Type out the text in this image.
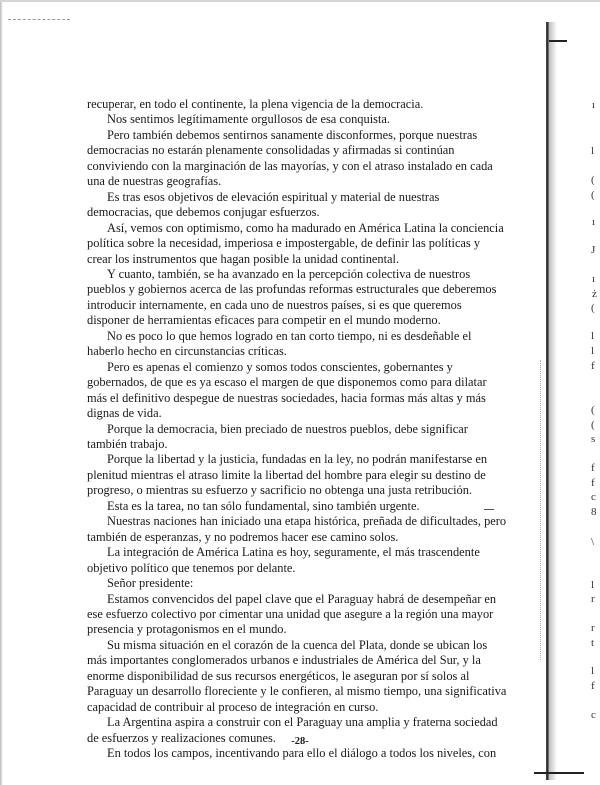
recuperar, en todo el continente, la plena vigencia de la democracia.

Nos sentimos legítimamente orgullosos de esa conquista.

Pero también debemos sentirnos sanamente disconformes, porque nuestras democracias no estarán plenamente consolidadas y afirmadas si continúan conviviendo con la marginación de las mayorías, y con el atraso instalado en cada una de nuestras geografías.

Es tras esos objetivos de elevación espiritual y material de nuestras democracias, que debemos conjugar esfuerzos.

Así, vemos con optimismo, como ha madurado en América Latina la conciencia política sobre la necesidad, imperiosa e impostergable, de definir las políticas y crear los instrumentos que hagan posible la unidad continental.

Y cuanto, también, se ha avanzado en la percepción colectiva de nuestros pueblos y gobiernos acerca de las profundas reformas estructurales que deberemos introducir internamente, en cada uno de nuestros países, si es que queremos disponer de herramientas eficaces para competir en el mundo moderno.

No es poco lo que hemos logrado en tan corto tiempo, ni es desdeñable el haberlo hecho en circunstancias críticas.

Pero es apenas el comienzo y somos todos conscientes, gobernantes y gobernados, de que es ya escaso el margen de que disponemos como para dilatar más el definitivo despegue de nuestras sociedades, hacia formas más altas y más dignas de vida.

Porque la democracia, bien preciado de nuestros pueblos, debe significar también trabajo.

Porque la libertad y la justicia, fundadas en la ley, no podrán manifestarse en plenitud mientras el atraso limite la libertad del hombre para elegir su destino de progreso, o mientras su esfuerzo y sacrificio no obtenga una justa retribución.

Esta es la tarea, no tan sólo fundamental, sino también urgente.

Nuestras naciones han iniciado una etapa histórica, preñada de dificultades, pero también de esperanzas, y no podremos hacer ese camino solos.

La integración de América Latina es hoy, seguramente, el más trascendente objetivo político que tenemos por delante.

Señor presidente:

Estamos convencidos del papel clave que el Paraguay habrá de desempeñar en ese esfuerzo colectivo por cimentar una unidad que asegure a la región una mayor presencia y protagonismos en el mundo.

Su misma situación en el corazón de la cuenca del Plata, donde se ubican los más importantes conglomerados urbanos e industriales de América del Sur, y la enorme disponibilidad de sus recursos energéticos, le aseguran por sí solos al Paraguay un desarrollo floreciente y le confieren, al mismo tiempo, una significativa capacidad de contribuir al proceso de integración en curso.

La Argentina aspira a construir con el Paraguay una amplia y fraterna sociedad de esfuerzos y realizaciones comunes.

En todos los campos, incentivando para ello el diálogo a todos los niveles, con

ı
l
(
(
ı
J
ı
ż
(
l
l
f
(
(
s
f
f
c
8
\
l
r
r
t
l
f
c
-28-
